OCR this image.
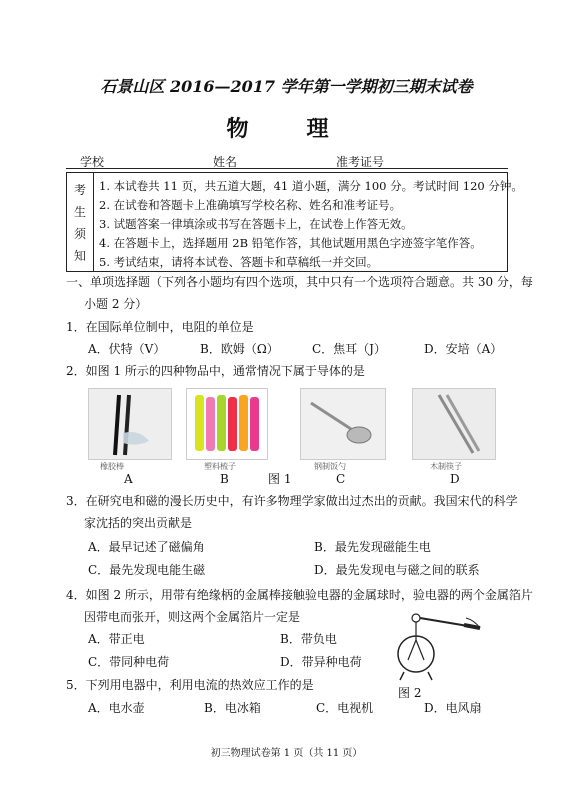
石景山区 2016—2017 学年第一学期初三期末试卷
物　理
学校	姓名	准考证号
考
生
须
知
1. 本试卷共 11 页，共五道大题，41 道小题，满分 100 分。考试时间 120 分钟。
2. 在试卷和答题卡上准确填写学校名称、姓名和准考证号。
3. 试题答案一律填涂或书写在答题卡上，在试卷上作答无效。
4. 在答题卡上，选择题用 2B 铅笔作答，其他试题用黑色字迹签字笔作答。
5. 考试结束，请将本试卷、答题卡和草稿纸一并交回。
一、单项选择题（下列各小题均有四个选项，其中只有一个选项符合题意。共 30 分，每
小题 2 分）
1．在国际单位制中，电阻的单位是
A．伏特（V）	B．欧姆（Ω）	C．焦耳（J）	D．安培（A）
2．如图 1 所示的四种物品中，通常情况下属于导体的是
橡胶棒
A
塑料梳子
B
钢制饭勺
C
木制筷子
D
图 1
3．在研究电和磁的漫长历史中，有许多物理学家做出过杰出的贡献。我国宋代的科学
家沈括的突出贡献是
A．最早记述了磁偏角	B．最先发现磁能生电
C．最先发现电能生磁	D．最先发现电与磁之间的联系
4．如图 2 所示，用带有绝缘柄的金属棒接触验电器的金属球时，验电器的两个金属箔片
因带电而张开，则这两个金属箔片一定是
A．带正电	B．带负电
C．带同种电荷	D．带异种电荷
图 2
5．下列用电器中，利用电流的热效应工作的是
A．电水壶	B．电冰箱	C．电视机	D．电风扇
初三物理试卷第 1 页（共 11 页）
